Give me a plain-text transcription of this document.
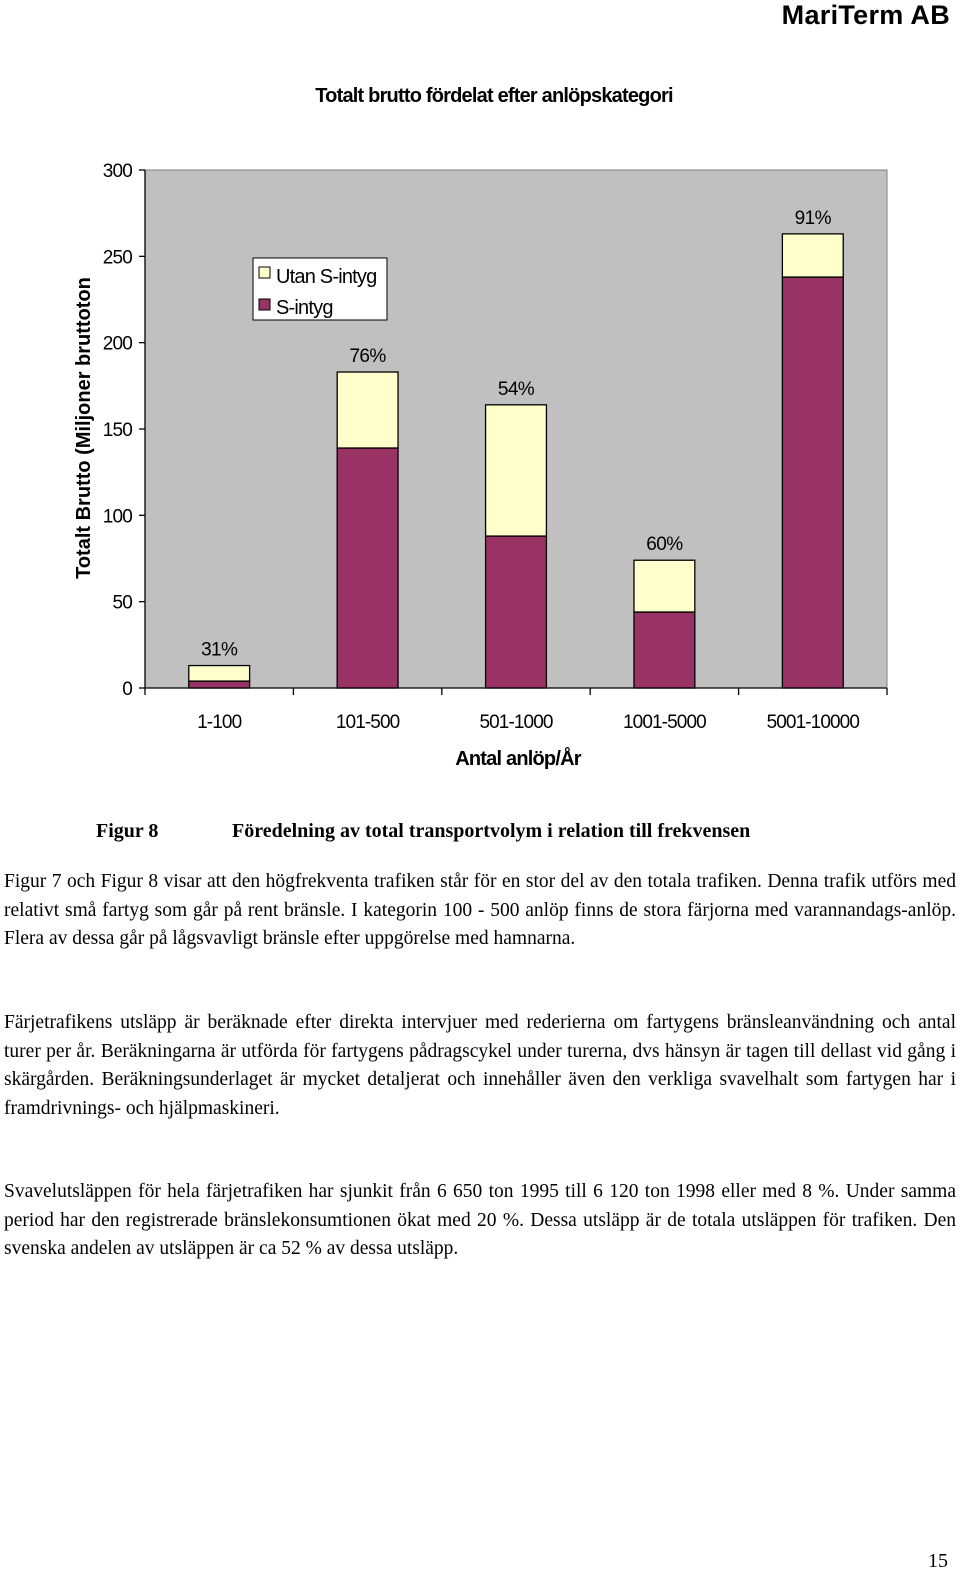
MariTerm AB
Totalt brutto fördelat efter anlöpskategori
0
50
100
150
200
250
300
1-100	101-500	501-1000	1001-5000	5001-10000
31%
76%
54%
60%
91%
Totalt Brutto (Miljoner bruttoton
Antal anlöp/År
Utan S-intyg
S-intyg
Figur 8	Föredelning av total transportvolym i relation till frekvensen

Figur 7 och Figur 8 visar att den högfrekventa trafiken står för en stor del av den totala trafiken. Denna trafik utförs med relativt små fartyg som går på rent bränsle. I kategorin 100 - 500 anlöp finns de stora färjorna med varannandags-anlöp. Flera av dessa går på lågsvavligt bränsle efter uppgörelse med hamnarna.

Färjetrafikens utsläpp är beräknade efter direkta intervjuer med rederierna om fartygens bränsleanvändning och antal turer per år. Beräkningarna är utförda för fartygens pådragscykel under turerna, dvs hänsyn är tagen till dellast vid gång i skärgården. Beräkningsunderlaget är mycket detaljerat och innehåller även den verkliga svavelhalt som fartygen har i framdrivnings- och hjälpmaskineri.

Svavelutsläppen för hela färjetrafiken har sjunkit från 6 650 ton 1995 till 6 120 ton 1998 eller med 8 %. Under samma period har den registrerade bränslekonsumtionen ökat med 20 %. Dessa utsläpp är de totala utsläppen för trafiken. Den svenska andelen av utsläppen är ca 52 % av dessa utsläpp.

15
